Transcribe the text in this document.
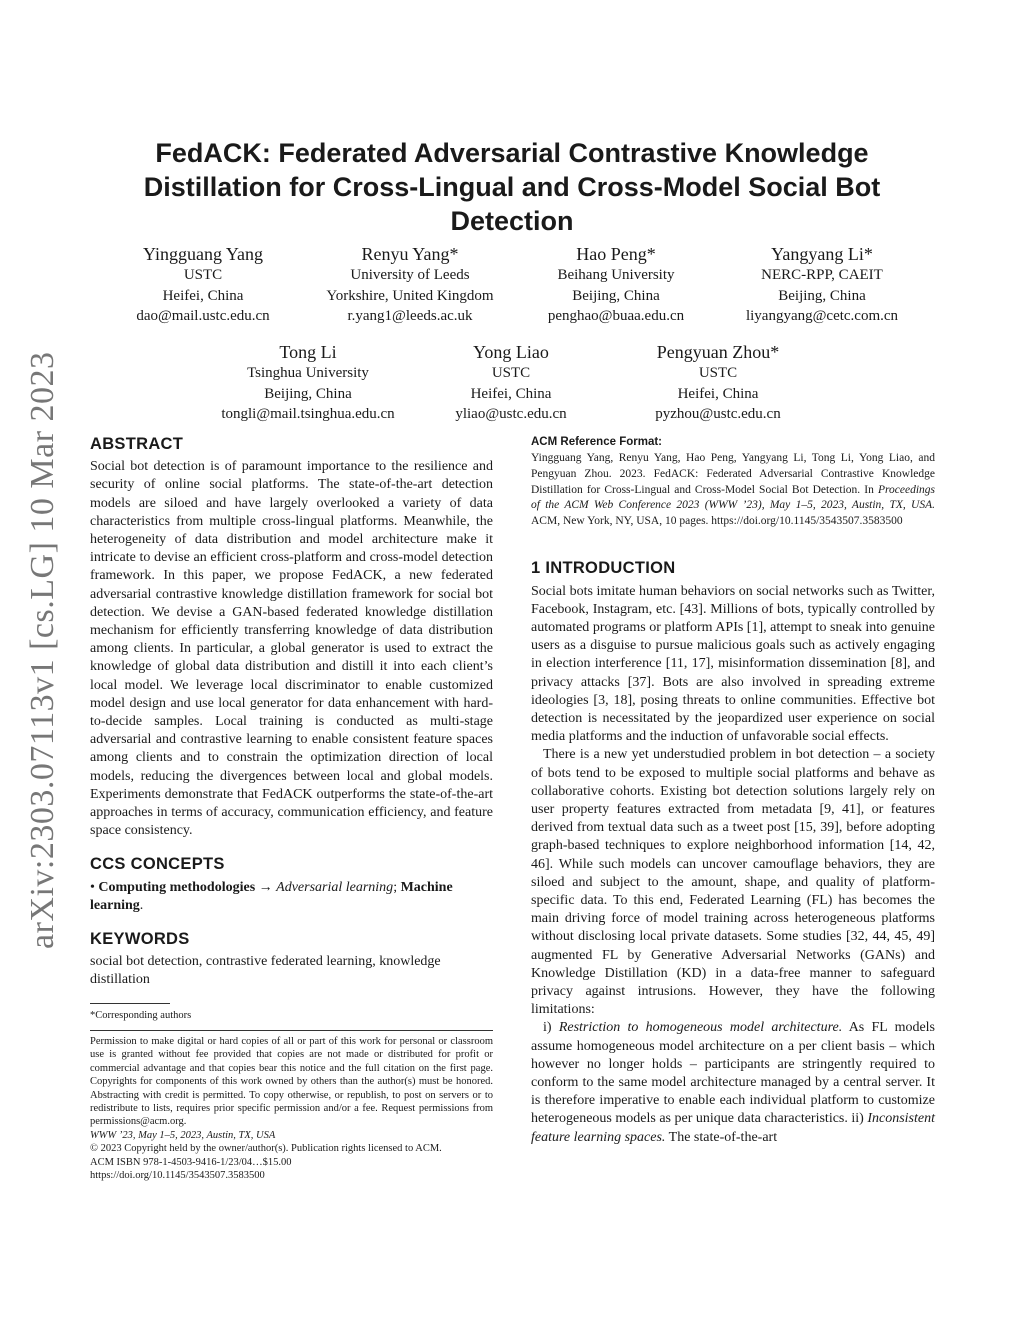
arXiv:2303.07113v1 [cs.LG] 10 Mar 2023
FedACK: Federated Adversarial Contrastive Knowledge
Distillation for Cross-Lingual and Cross-Model Social Bot
Detection
Yingguang Yang
USTC
Heifei, China
dao@mail.ustc.edu.cn
Renyu Yang*
University of Leeds
Yorkshire, United Kingdom
r.yang1@leeds.ac.uk
Hao Peng*
Beihang University
Beijing, China
penghao@buaa.edu.cn
Yangyang Li*
NERC-RPP, CAEIT
Beijing, China
liyangyang@cetc.com.cn
Tong Li
Tsinghua University
Beijing, China
tongli@mail.tsinghua.edu.cn
Yong Liao
USTC
Heifei, China
yliao@ustc.edu.cn
Pengyuan Zhou*
USTC
Heifei, China
pyzhou@ustc.edu.cn
ABSTRACT

Social bot detection is of paramount importance to the resilience and security of online social platforms. The state-of-the-art detection models are siloed and have largely overlooked a variety of data characteristics from multiple cross-lingual platforms. Meanwhile, the heterogeneity of data distribution and model architecture make it intricate to devise an efficient cross-platform and cross-model detection framework. In this paper, we propose FedACK, a new federated adversarial contrastive knowledge distillation framework for social bot detection. We devise a GAN-based federated knowledge distillation mechanism for efficiently transferring knowledge of data distribution among clients. In particular, a global generator is used to extract the knowledge of global data distribution and distill it into each client’s local model. We leverage local discriminator to enable customized model design and use local generator for data enhancement with hard-to-decide samples. Local training is conducted as multi-stage adversarial and contrastive learning to enable consistent feature spaces among clients and to constrain the optimization direction of local models, reducing the divergences between local and global models. Experiments demonstrate that FedACK outperforms the state-of-the-art approaches in terms of accuracy, communication efficiency, and feature space consistency.

CCS CONCEPTS

• Computing methodologies → Adversarial learning; Machine learning.

KEYWORDS

social bot detection, contrastive federated learning, knowledge distillation

*Corresponding authors

Permission to make digital or hard copies of all or part of this work for personal or classroom use is granted without fee provided that copies are not made or distributed for profit or commercial advantage and that copies bear this notice and the full citation on the first page. Copyrights for components of this work owned by others than the author(s) must be honored. Abstracting with credit is permitted. To copy otherwise, or republish, to post on servers or to redistribute to lists, requires prior specific permission and/or a fee. Request permissions from permissions@acm.org.

WWW ’23, May 1–5, 2023, Austin, TX, USA

© 2023 Copyright held by the owner/author(s). Publication rights licensed to ACM.

ACM ISBN 978-1-4503-9416-1/23/04…$15.00

https://doi.org/10.1145/3543507.3583500

ACM Reference Format:

Yingguang Yang, Renyu Yang, Hao Peng, Yangyang Li, Tong Li, Yong Liao, and Pengyuan Zhou. 2023. FedACK: Federated Adversarial Contrastive Knowledge Distillation for Cross-Lingual and Cross-Model Social Bot Detection. In Proceedings of the ACM Web Conference 2023 (WWW ’23), May 1–5, 2023, Austin, TX, USA. ACM, New York, NY, USA, 10 pages. https://doi.org/10.1145/3543507.3583500

1 INTRODUCTION

Social bots imitate human behaviors on social networks such as Twitter, Facebook, Instagram, etc. [43]. Millions of bots, typically controlled by automated programs or platform APIs [1], attempt to sneak into genuine users as a disguise to pursue malicious goals such as actively engaging in election interference [11, 17], misinformation dissemination [8], and privacy attacks [37]. Bots are also involved in spreading extreme ideologies [3, 18], posing threats to online communities. Effective bot detection is necessitated by the jeopardized user experience on social media platforms and the induction of unfavorable social effects.

There is a new yet understudied problem in bot detection – a society of bots tend to be exposed to multiple social platforms and behave as collaborative cohorts. Existing bot detection solutions largely rely on user property features extracted from metadata [9, 41], or features derived from textual data such as a tweet post [15, 39], before adopting graph-based techniques to explore neighborhood information [14, 42, 46]. While such models can uncover camouflage behaviors, they are siloed and subject to the amount, shape, and quality of platform-specific data. To this end, Federated Learning (FL) has becomes the main driving force of model training across heterogeneous platforms without disclosing local private datasets. Some studies [32, 44, 45, 49] augmented FL by Generative Adversarial Networks (GANs) and Knowledge Distillation (KD) in a data-free manner to safeguard privacy against intrusions. However, they have the following limitations:

i) Restriction to homogeneous model architecture. As FL models assume homogeneous model architecture on a per client basis – which however no longer holds – participants are stringently required to conform to the same model architecture managed by a central server. It is therefore imperative to enable each individual platform to customize heterogeneous models as per unique data characteristics. ii) Inconsistent feature learning spaces. The state-of-the-art
